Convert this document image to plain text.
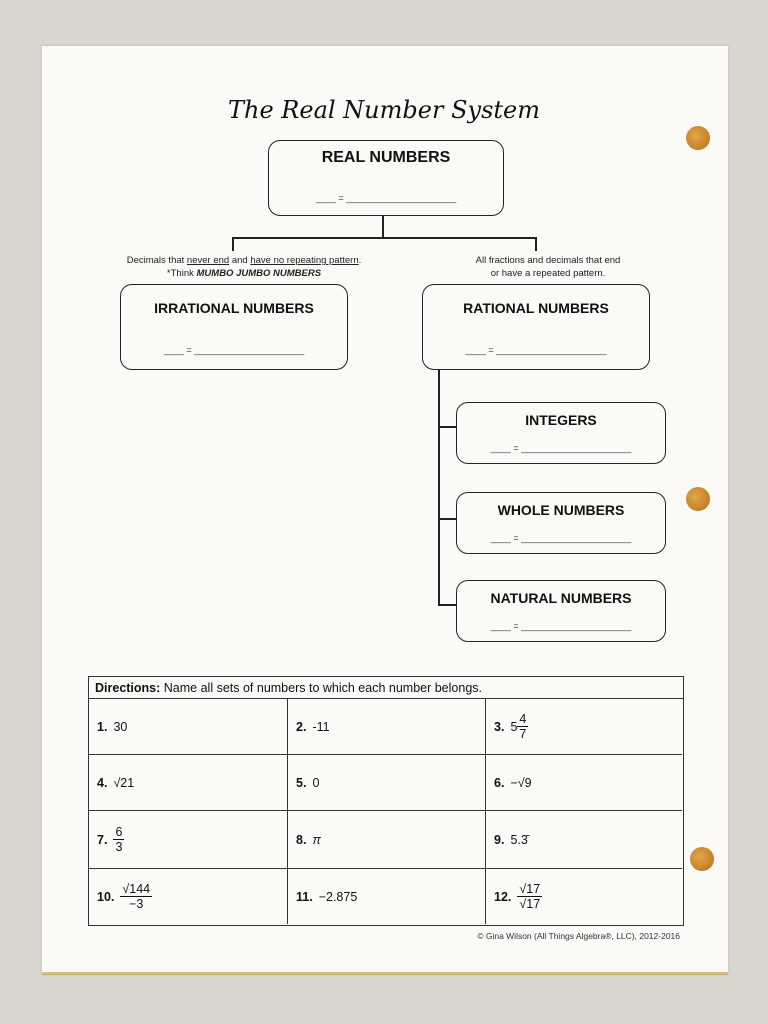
The Real Number System
REAL NUMBERS
____ = ______________________
Decimals that never end and have no repeating pattern. *Think MUMBO JUMBO NUMBERS
All fractions and decimals that end
or have a repeated pattern.
IRRATIONAL NUMBERS
____ = ______________________
RATIONAL NUMBERS
____ = ______________________
INTEGERS
____ = ______________________
WHOLE NUMBERS
____ = ______________________
NATURAL NUMBERS
____ = ______________________
Directions: Name all sets of numbers to which each number belongs.
1. 30	2. -11	3. $5 \frac{4}{7}$
4. √21	5. 0	6. −√9
7. $\frac{6}{3}$	8. π	9. 5.3̄
10. $\frac{√144}{-3}$	11. −2.875	12. $\frac{√17}{√17}$
© Gina Wilson (All Things Algebra®, LLC), 2012-2016
